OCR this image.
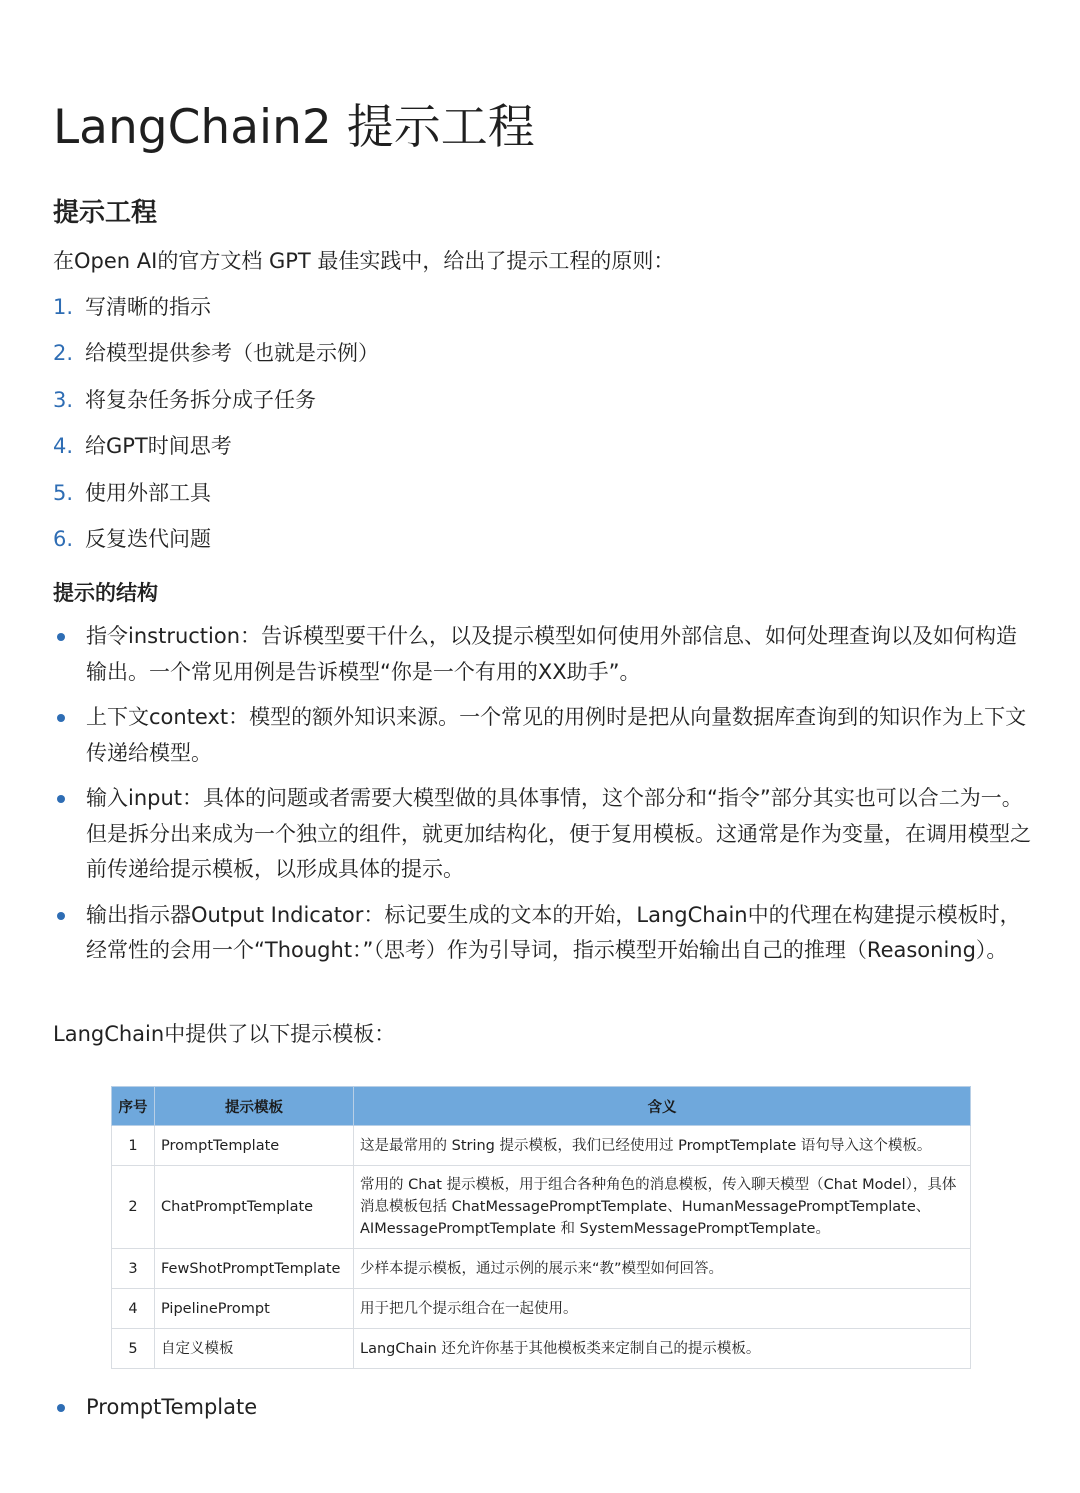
LangChain2 提示工程
提示工程

在Open AI的官方文档 GPT 最佳实践中，给出了提示工程的原则：

1. 写清晰的指示
2. 给模型提供参考（也就是示例）
3. 将复杂任务拆分成子任务
4. 给GPT时间思考
5. 使用外部工具
6. 反复迭代问题
提示的结构
指令instruction：告诉模型要干什么，以及提示模型如何使用外部信息、如何处理查询以及如何构造输出。一个常见用例是告诉模型“你是一个有用的XX助手”。
上下文context：模型的额外知识来源。一个常见的用例时是把从向量数据库查询到的知识作为上下文传递给模型。
输入input：具体的问题或者需要大模型做的具体事情，这个部分和“指令”部分其实也可以合二为一。但是拆分出来成为一个独立的组件，就更加结构化，便于复用模板。这通常是作为变量，在调用模型之前传递给提示模板，以形成具体的提示。
输出指示器Output Indicator：标记要生成的文本的开始，LangChain中的代理在构建提示模板时，经常性的会用一个“Thought：”（思考）作为引导词，指示模型开始输出自己的推理（Reasoning）。

LangChain中提供了以下提示模板：

序号	提示模板	含义
1	PromptTemplate	这是最常用的 String 提示模板，我们已经使用过 PromptTemplate 语句导入这个模板。
2	ChatPromptTemplate	常用的 Chat 提示模板，用于组合各种角色的消息模板，传入聊天模型（Chat Model），具体消息模板包括 ChatMessagePromptTemplate、HumanMessagePromptTemplate、AIMessagePromptTemplate 和 SystemMessagePromptTemplate。
3	FewShotPromptTemplate	少样本提示模板，通过示例的展示来“教”模型如何回答。
4	PipelinePrompt	用于把几个提示组合在一起使用。
5	自定义模板	LangChain 还允许你基于其他模板类来定制自己的提示模板。
PromptTemplate
